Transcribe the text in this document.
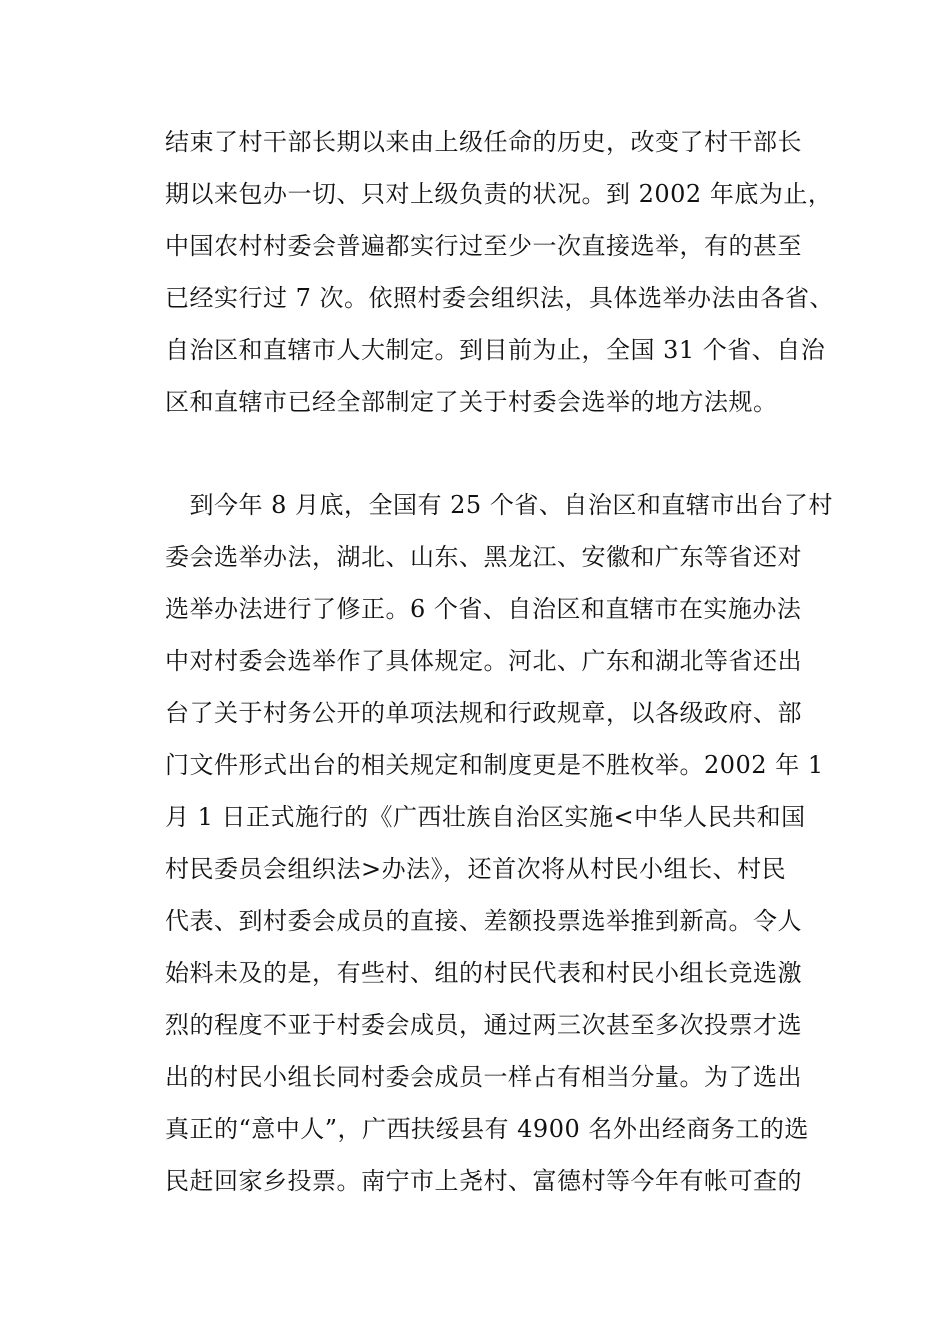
结束了村干部长期以来由上级任命的历史，改变了村干部长
期以来包办一切、只对上级负责的状况。到 2002 年底为止，
中国农村村委会普遍都实行过至少一次直接选举，有的甚至
已经实行过 7 次。依照村委会组织法，具体选举办法由各省、
自治区和直辖市人大制定。到目前为止，全国 31 个省、自治
区和直辖市已经全部制定了关于村委会选举的地方法规。
　到今年 8 月底，全国有 25 个省、自治区和直辖市出台了村
委会选举办法，湖北、山东、黑龙江、安徽和广东等省还对
选举办法进行了修正。6 个省、自治区和直辖市在实施办法
中对村委会选举作了具体规定。河北、广东和湖北等省还出
台了关于村务公开的单项法规和行政规章，以各级政府、部
门文件形式出台的相关规定和制度更是不胜枚举。2002 年 1
月 1 日正式施行的《广西壮族自治区实施<中华人民共和国
村民委员会组织法>办法》，还首次将从村民小组长、村民
代表、到村委会成员的直接、差额投票选举推到新高。令人
始料未及的是，有些村、组的村民代表和村民小组长竞选激
烈的程度不亚于村委会成员，通过两三次甚至多次投票才选
出的村民小组长同村委会成员一样占有相当分量。为了选出
真正的“意中人”，广西扶绥县有 4900 名外出经商务工的选
民赶回家乡投票。南宁市上尧村、富德村等今年有帐可查的
